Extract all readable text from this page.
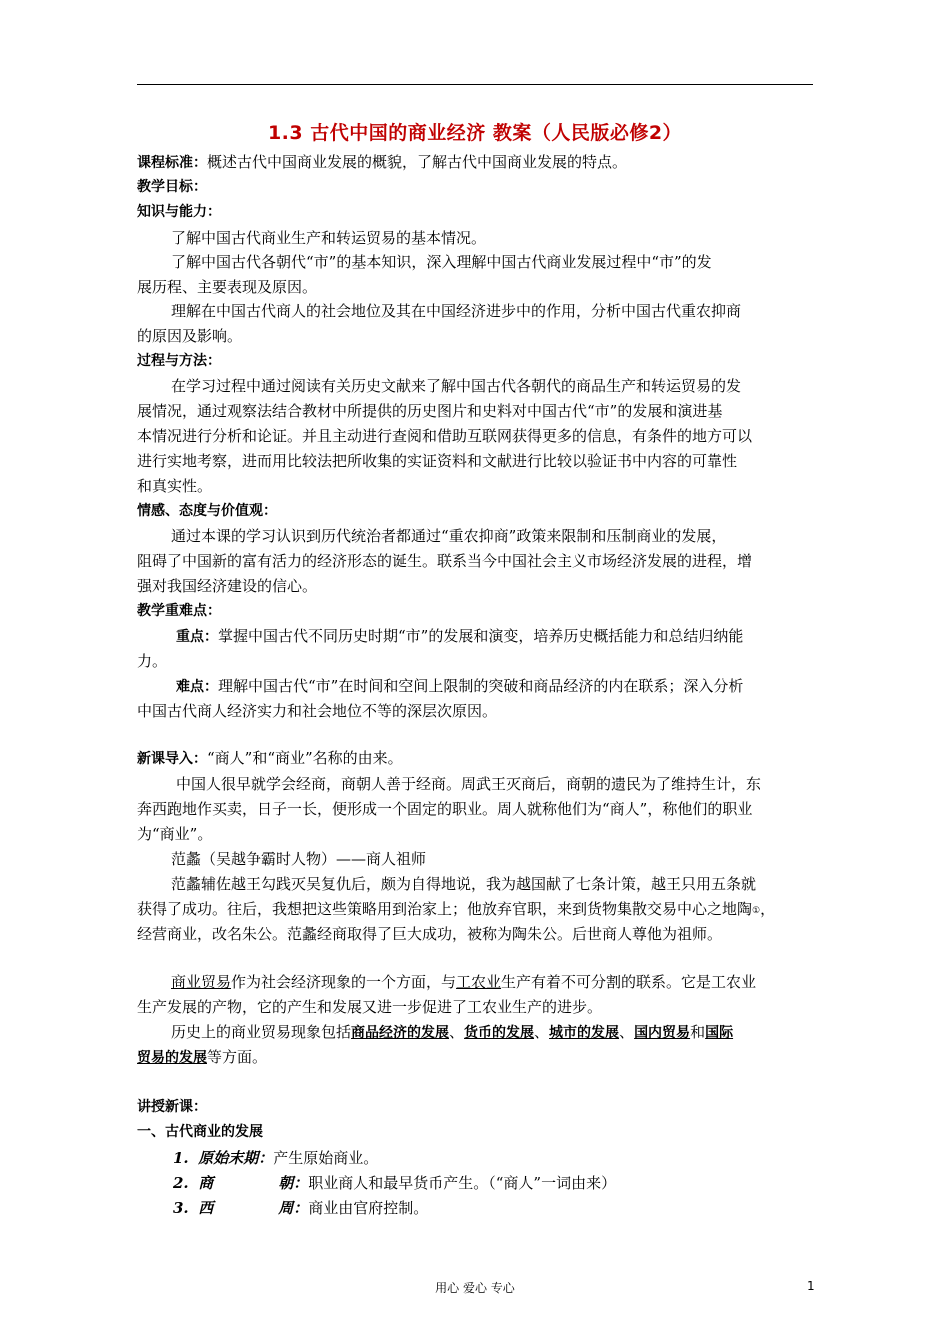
1.3 古代中国的商业经济 教案（人民版必修2）
课程标准：概述古代中国商业发展的概貌，了解古代中国商业发展的特点。
教学目标：
知识与能力：
了解中国古代商业生产和转运贸易的基本情况。
了解中国古代各朝代“市”的基本知识，深入理解中国古代商业发展过程中“市”的发
展历程、主要表现及原因。
理解在中国古代商人的社会地位及其在中国经济进步中的作用，分析中国古代重农抑商
的原因及影响。
过程与方法：
在学习过程中通过阅读有关历史文献来了解中国古代各朝代的商品生产和转运贸易的发
展情况，通过观察法结合教材中所提供的历史图片和史料对中国古代“市”的发展和演进基
本情况进行分析和论证。并且主动进行查阅和借助互联网获得更多的信息，有条件的地方可以
进行实地考察，进而用比较法把所收集的实证资料和文献进行比较以验证书中内容的可靠性
和真实性。
情感、态度与价值观：
通过本课的学习认识到历代统治者都通过“重农抑商”政策来限制和压制商业的发展，
阻碍了中国新的富有活力的经济形态的诞生。联系当今中国社会主义市场经济发展的进程，增
强对我国经济建设的信心。
教学重难点：
重点：掌握中国古代不同历史时期“市”的发展和演变，培养历史概括能力和总结归纳能
力。
难点：理解中国古代“市”在时间和空间上限制的突破和商品经济的内在联系；深入分析
中国古代商人经济实力和社会地位不等的深层次原因。
新课导入：“商人”和“商业”名称的由来。
中国人很早就学会经商，商朝人善于经商。周武王灭商后，商朝的遗民为了维持生计，东
奔西跑地作买卖，日子一长，便形成一个固定的职业。周人就称他们为“商人”，称他们的职业
为“商业”。
范蠡（吴越争霸时人物）——商人祖师
范蠡辅佐越王勾践灭吴复仇后，颇为自得地说，我为越国献了七条计策，越王只用五条就
获得了成功。往后，我想把这些策略用到治家上；他放弃官职，来到货物集散交易中心之地陶①，
经营商业，改名朱公。范蠡经商取得了巨大成功，被称为陶朱公。后世商人尊他为祖师。
商业贸易作为社会经济现象的一个方面，与工农业生产有着不可分割的联系。它是工农业
生产发展的产物，它的产生和发展又进一步促进了工农业生产的进步。
历史上的商业贸易现象包括商品经济的发展、货币的发展、城市的发展、国内贸易和国际
贸易的发展等方面。
讲授新课：
一、古代商业的发展
1. 原始末期：产生原始商业。
2. 商	朝：职业商人和最早货币产生。（“商人”一词由来）
3. 西	周：商业由官府控制。
用心 爱心 专心	1
